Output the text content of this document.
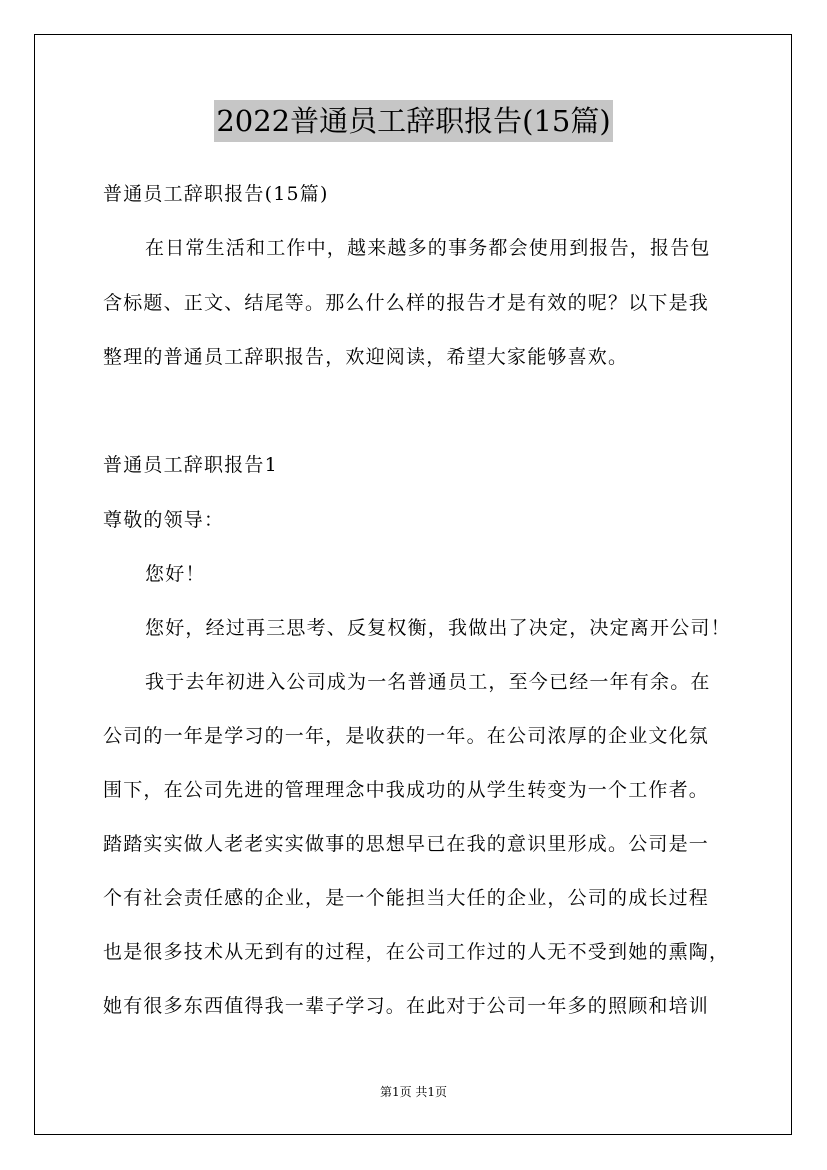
2022普通员工辞职报告(15篇)
普通员工辞职报告(15篇)
在日常生活和工作中，越来越多的事务都会使用到报告，报告包
含标题、正文、结尾等。那么什么样的报告才是有效的呢？以下是我
整理的普通员工辞职报告，欢迎阅读，希望大家能够喜欢。
普通员工辞职报告1
尊敬的领导：
您好！
您好，经过再三思考、反复权衡，我做出了决定，决定离开公司！
我于去年初进入公司成为一名普通员工，至今已经一年有余。在
公司的一年是学习的一年，是收获的一年。在公司浓厚的企业文化氛
围下，在公司先进的管理理念中我成功的从学生转变为一个工作者。
踏踏实实做人老老实实做事的思想早已在我的意识里形成。公司是一
个有社会责任感的企业，是一个能担当大任的企业，公司的成长过程
也是很多技术从无到有的过程，在公司工作过的人无不受到她的熏陶，
她有很多东西值得我一辈子学习。在此对于公司一年多的照顾和培训
第1页 共1页
